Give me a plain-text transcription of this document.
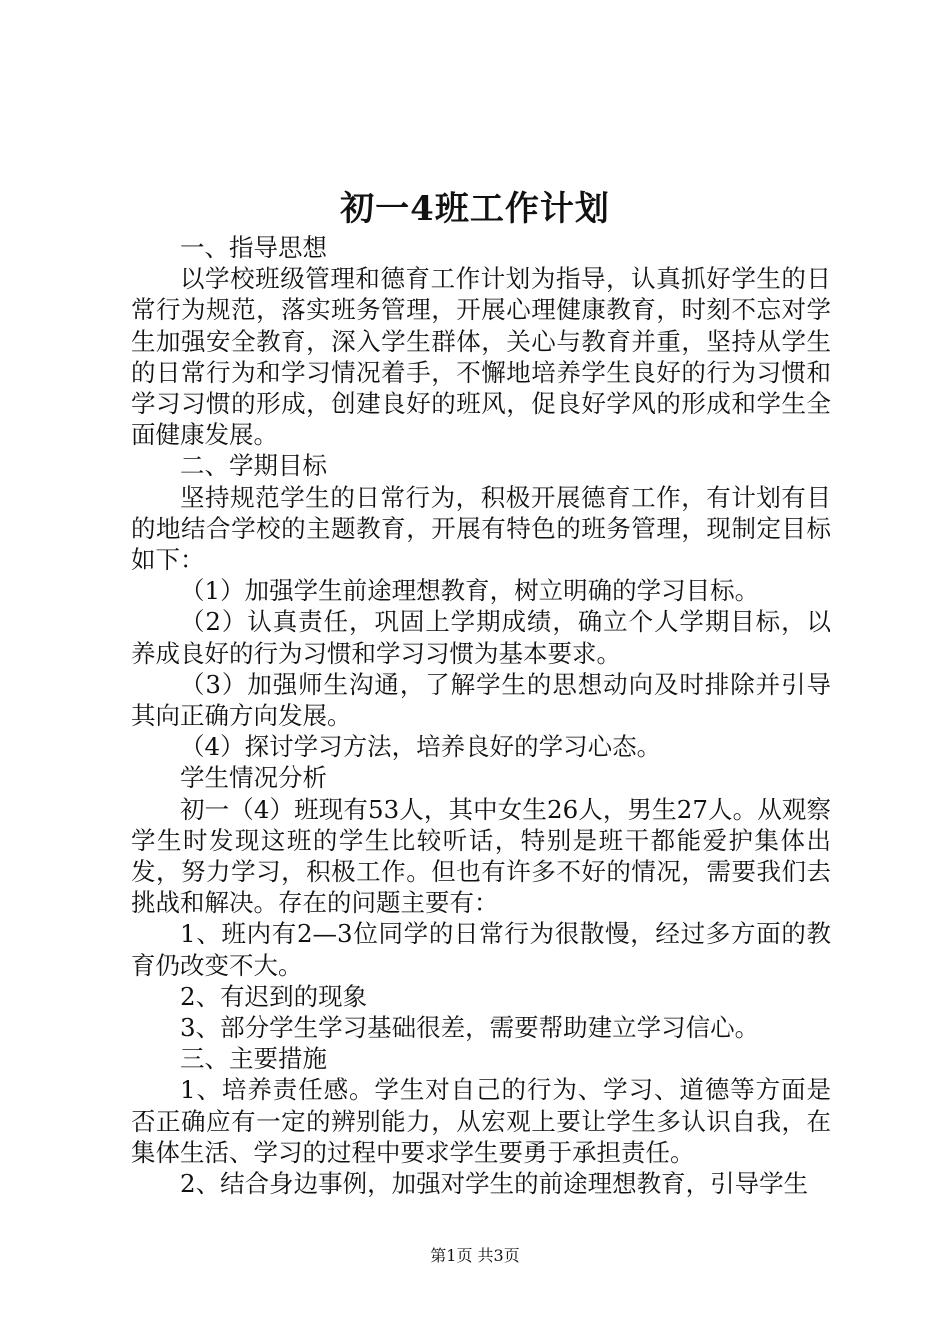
初一4班工作计划

一、指导思想

以学校班级管理和德育工作计划为指导，认真抓好学生的日常行为规范，落实班务管理，开展心理健康教育，时刻不忘对学生加强安全教育，深入学生群体，关心与教育并重，坚持从学生的日常行为和学习情况着手，不懈地培养学生良好的行为习惯和学习习惯的形成，创建良好的班风，促良好学风的形成和学生全面健康发展。

二、学期目标

坚持规范学生的日常行为，积极开展德育工作，有计划有目的地结合学校的主题教育，开展有特色的班务管理，现制定目标如下：

（1）加强学生前途理想教育，树立明确的学习目标。

（2）认真责任，巩固上学期成绩，确立个人学期目标，以养成良好的行为习惯和学习习惯为基本要求。

（3）加强师生沟通，了解学生的思想动向及时排除并引导其向正确方向发展。

（4）探讨学习方法，培养良好的学习心态。

学生情况分析

初一（4）班现有53人，其中女生26人，男生27人。从观察学生时发现这班的学生比较听话，特别是班干都能爱护集体出发，努力学习，积极工作。但也有许多不好的情况，需要我们去挑战和解决。存在的问题主要有：

1、班内有2—3位同学的日常行为很散慢，经过多方面的教育仍改变不大。

2、有迟到的现象

3、部分学生学习基础很差，需要帮助建立学习信心。

三、主要措施

1、培养责任感。学生对自己的行为、学习、道德等方面是否正确应有一定的辨别能力，从宏观上要让学生多认识自我，在集体生活、学习的过程中要求学生要勇于承担责任。

2、结合身边事例，加强对学生的前途理想教育，引导学生

第1页 共3页
